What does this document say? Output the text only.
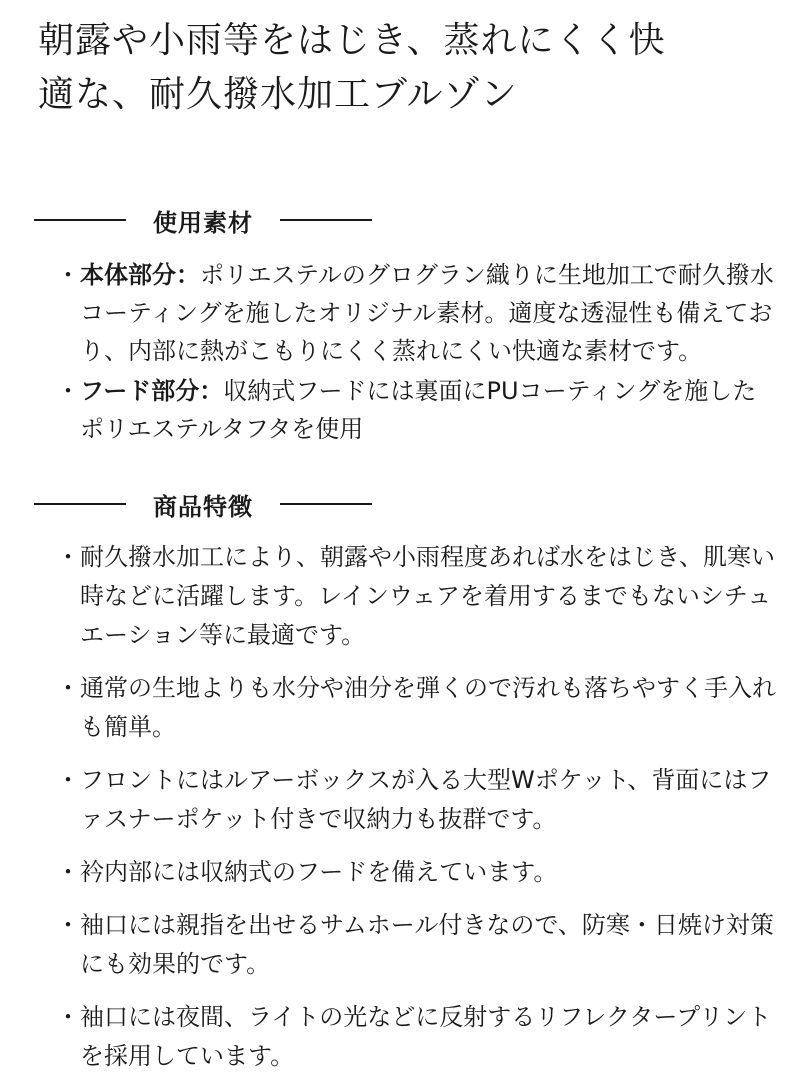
朝露や小雨等をはじき、蒸れにくく快
適な、耐久撥水加工ブルゾン
使用素材
・ 本体部分：ポリエステルのグログラン織りに生地加工で耐久撥水コーティングを施したオリジナル素材。適度な透湿性も備えており、内部に熱がこもりにくく蒸れにくい快適な素材です。
・ フード部分：収納式フードには裏面にPUコーティングを施したポリエステルタフタを使用
商品特徴
・ 耐久撥水加工により、朝露や小雨程度あれば水をはじき、肌寒い時などに活躍します。レインウェアを着用するまでもないシチュエーション等に最適です。
・ 通常の生地よりも水分や油分を弾くので汚れも落ちやすく手入れも簡単。
・ フロントにはルアーボックスが入る大型Wポケット、背面にはファスナーポケット付きで収納力も抜群です。
・ 衿内部には収納式のフードを備えています。
・ 袖口には親指を出せるサムホール付きなので、防寒・日焼け対策にも効果的です。
・ 袖口には夜間、ライトの光などに反射するリフレクタープリントを採用しています。
